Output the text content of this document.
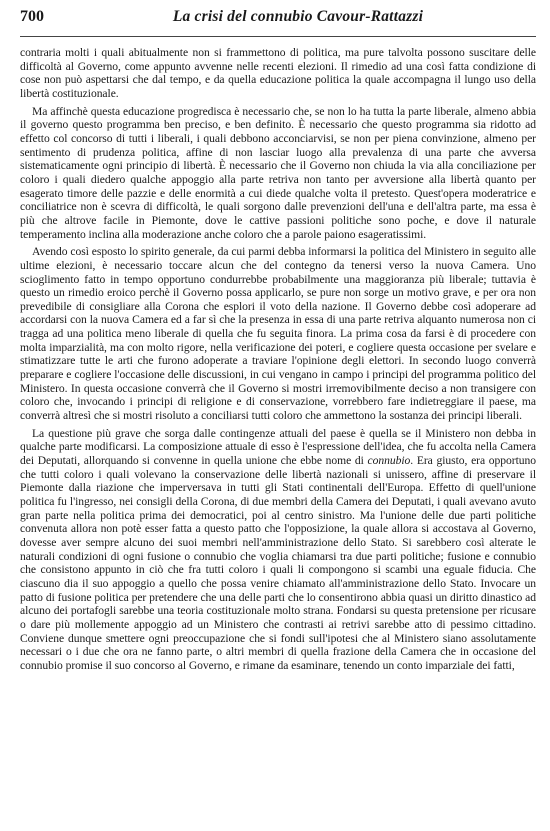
700	La crisi del connubio Cavour-Rattazzi

contraria molti i quali abitualmente non si frammettono di politica, ma pure talvolta possono suscitare delle difficoltà al Governo, come appunto avvenne nelle recenti elezioni. Il rimedio ad una così fatta condizione di cose non può aspettarsi che dal tempo, e da quella educazione politica la quale accompagna il lungo uso della libertà costituzionale.

Ma affinchè questa educazione progredisca è necessario che, se non lo ha tutta la parte liberale, almeno abbia il governo questo programma ben preciso, e ben definito. È necessario che questo programma sia ridotto ad effetto col concorso di tutti i liberali, i quali debbono acconciarvisi, se non per piena convinzione, almeno per sentimento di prudenza politica, affine di non lasciar luogo alla prevalenza di una parte che avversa sistematicamente ogni principio di libertà. È necessario che il Governo non chiuda la via alla conciliazione per coloro i quali diedero qualche appoggio alla parte retriva non tanto per avversione alla libertà quanto per esagerato timore delle pazzie e delle enormità a cui diede qualche volta il pretesto. Quest'opera moderatrice e conciliatrice non è scevra di difficoltà, le quali sorgono dalle prevenzioni dell'una e dell'altra parte, ma essa è più che altrove facile in Piemonte, dove le cattive passioni politiche sono poche, e dove il naturale temperamento inclina alla moderazione anche coloro che a parole paiono esageratissimi.

Avendo così esposto lo spirito generale, da cui parmi debba informarsi la politica del Ministero in seguito alle ultime elezioni, è necessario toccare alcun che del contegno da tenersi verso la nuova Camera. Uno scioglimento fatto in tempo opportuno condurrebbe probabilmente una maggioranza più liberale; tuttavia è questo un rimedio eroico perchè il Governo possa applicarlo, se pure non sorge un motivo grave, e per ora non prevedibile di consigliare alla Corona che esplori il voto della nazione. Il Governo debbe così adoperare ad accordarsi con la nuova Camera ed a far sì che la presenza in essa di una parte retriva alquanto numerosa non ci tragga ad una politica meno liberale di quella che fu seguita finora. La prima cosa da farsi è di procedere con molta imparzialità, ma con molto rigore, nella verificazione dei poteri, e cogliere questa occasione per svelare e stimatizzare tutte le arti che furono adoperate a traviare l'opinione degli elettori. In secondo luogo converrà preparare e cogliere l'occasione delle discussioni, in cui vengano in campo i principi del programma politico del Ministero. In questa occasione converrà che il Governo si mostri irremovibilmente deciso a non transigere con coloro che, invocando i principi di religione e di conservazione, vorrebbero fare indietreggiare il paese, ma converrà altresì che si mostri risoluto a conciliarsi tutti coloro che ammettono la sostanza dei principi liberali.

La questione più grave che sorga dalle contingenze attuali del paese è quella se il Ministero non debba in qualche parte modificarsi. La composizione attuale di esso è l'espressione dell'idea, che fu accolta nella Camera dei Deputati, allorquando si convenne in quella unione che ebbe nome di connubio. Era giusto, era opportuno che tutti coloro i quali volevano la conservazione delle libertà nazionali si unissero, affine di preservare il Piemonte dalla riazione che imperversava in tutti gli Stati continentali dell'Europa. Effetto di quell'unione politica fu l'ingresso, nei consigli della Corona, di due membri della Camera dei Deputati, i quali avevano avuto gran parte nella politica prima dei democratici, poi al centro sinistro. Ma l'unione delle due parti politiche convenuta allora non potè esser fatta a questo patto che l'opposizione, la quale allora si accostava al Governo, dovesse aver sempre alcuno dei suoi membri nell'amministrazione dello Stato. Si sarebbero così alterate le naturali condizioni di ogni fusione o connubio che voglia chiamarsi tra due parti politiche; fusione e connubio che consistono appunto in ciò che fra tutti coloro i quali li compongono si scambi una eguale fiducia. Che ciascuno dia il suo appoggio a quello che possa venire chiamato all'amministrazione dello Stato. Invocare un patto di fusione politica per pretendere che una delle parti che lo consentirono abbia quasi un diritto dinastico ad alcuno dei portafogli sarebbe una teoria costituzionale molto strana. Fondarsi su questa pretensione per ricusare o dare più mollemente appoggio ad un Ministero che contrasti ai retrivi sarebbe atto di pessimo cittadino. Conviene dunque smettere ogni preoccupazione che si fondi sull'ipotesi che al Ministero siano assolutamente necessari o i due che ora ne fanno parte, o altri membri di quella frazione della Camera che in occasione del connubio promise il suo concorso al Governo, e rimane da esaminare, tenendo un conto imparziale dei fatti,
